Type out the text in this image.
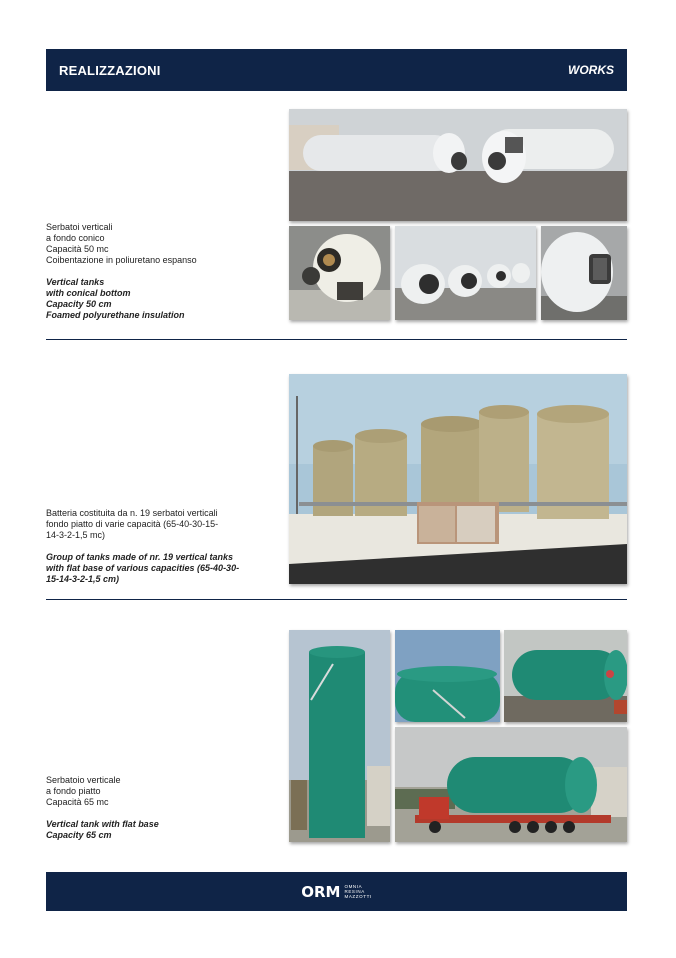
REALIZZAZIONI	WORKS

Serbatoi verticali

a fondo conico

Capacità 50 mc

Coibentazione in poliuretano espanso

Vertical tanks

with conical bottom

Capacity 50 cm

Foamed polyurethane insulation

Batteria costituita da n. 19 serbatoi verticali

fondo piatto di varie capacità (65-40-30-15-

14-3-2-1,5 mc)

Group of tanks made of nr. 19 vertical tanks

with flat base of various capacities (65-40-30-

15-14-3-2-1,5 cm)

Serbatoio verticale

a fondo piatto

Capacità 65 mc

Vertical tank with flat base

Capacity 65 cm

ORM OMNIA
RESINA
MAZZOTTI
